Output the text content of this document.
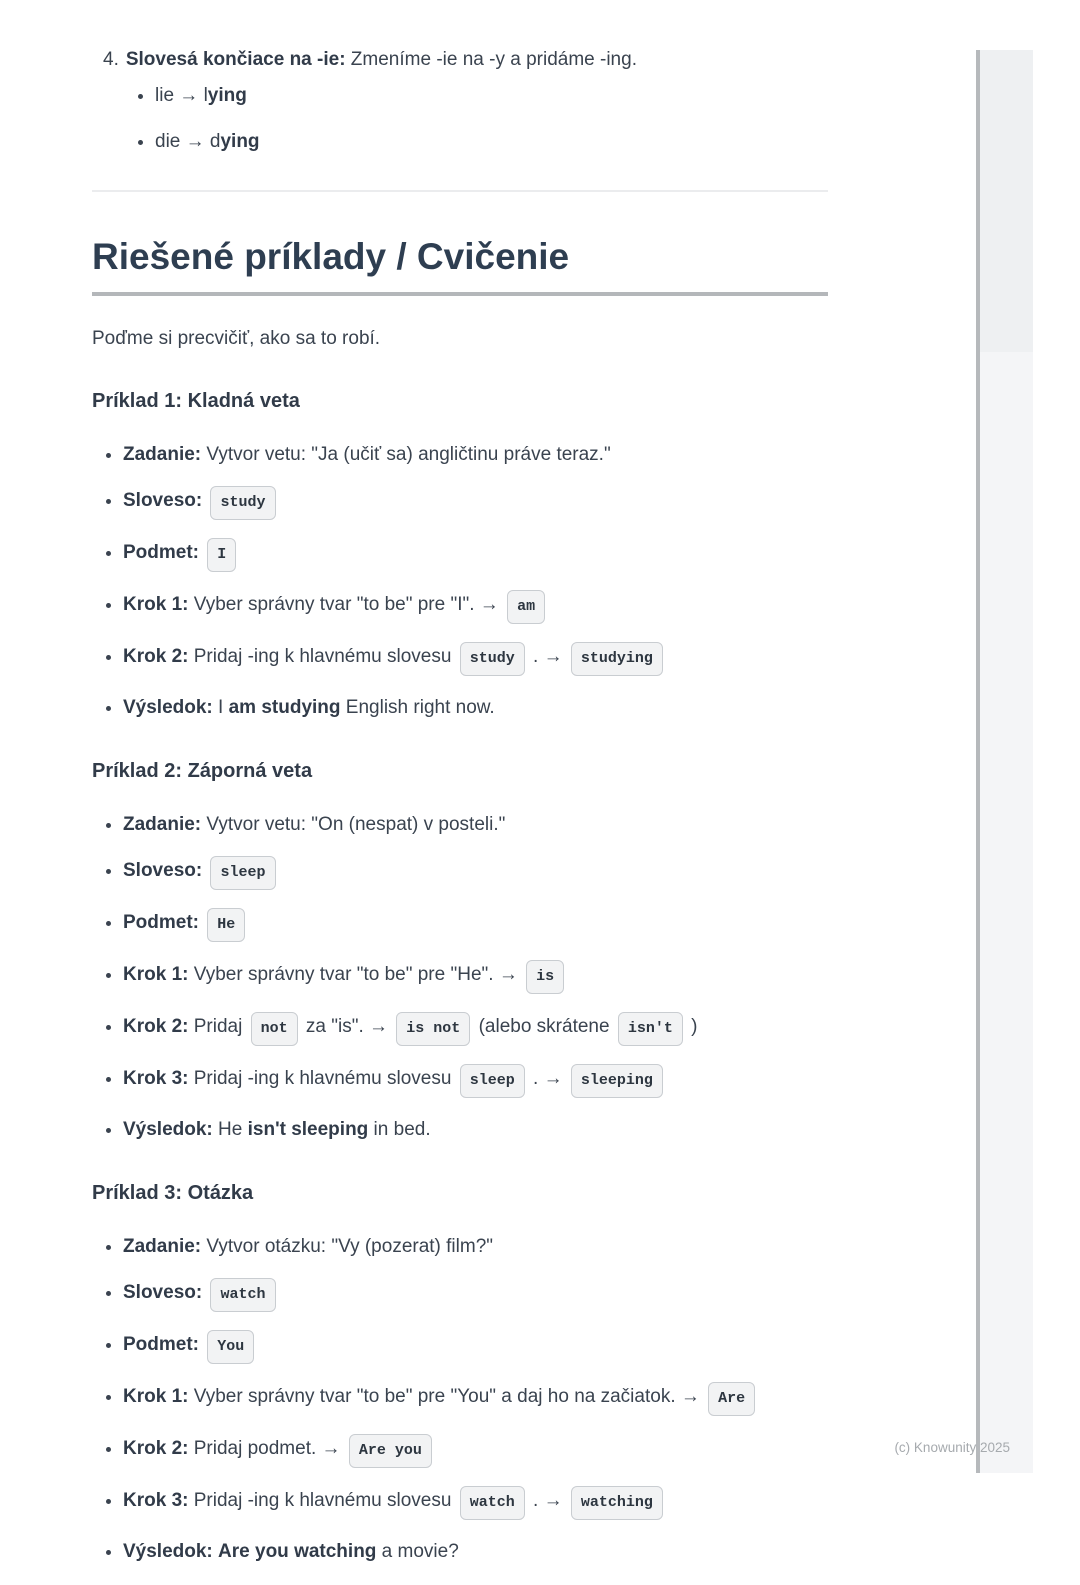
4. Slovesá končiace na -ie: Zmeníme -ie na -y a pridáme -ing.
• lie → lying
• die → dying
Riešené príklady / Cvičenie

Poďme si precvičiť, ako sa to robí.

Príklad 1: Kladná veta
• Zadanie: Vytvor vetu: "Ja (učiť sa) angličtinu práve teraz."
• Sloveso: study
• Podmet: I
• Krok 1: Vyber správny tvar "to be" pre "I". → am
• Krok 2: Pridaj -ing k hlavnému slovesu study . → studying
• Výsledok: I am studying English right now.
Príklad 2: Záporná veta
• Zadanie: Vytvor vetu: "On (nespat) v posteli."
• Sloveso: sleep
• Podmet: He
• Krok 1: Vyber správny tvar "to be" pre "He". → is
• Krok 2: Pridaj not za "is". → is not (alebo skrátene isn't )
• Krok 3: Pridaj -ing k hlavnému slovesu sleep . → sleeping
• Výsledok: He isn't sleeping in bed.
Príklad 3: Otázka
• Zadanie: Vytvor otázku: "Vy (pozerat) film?"
• Sloveso: watch
• Podmet: You
• Krok 1: Vyber správny tvar "to be" pre "You" a daj ho na začiatok. → Are
• Krok 2: Pridaj podmet. → Are you
• Krok 3: Pridaj -ing k hlavnému slovesu watch . → watching
• Výsledok: Are you watching a movie?
(c) Knowunity 2025
